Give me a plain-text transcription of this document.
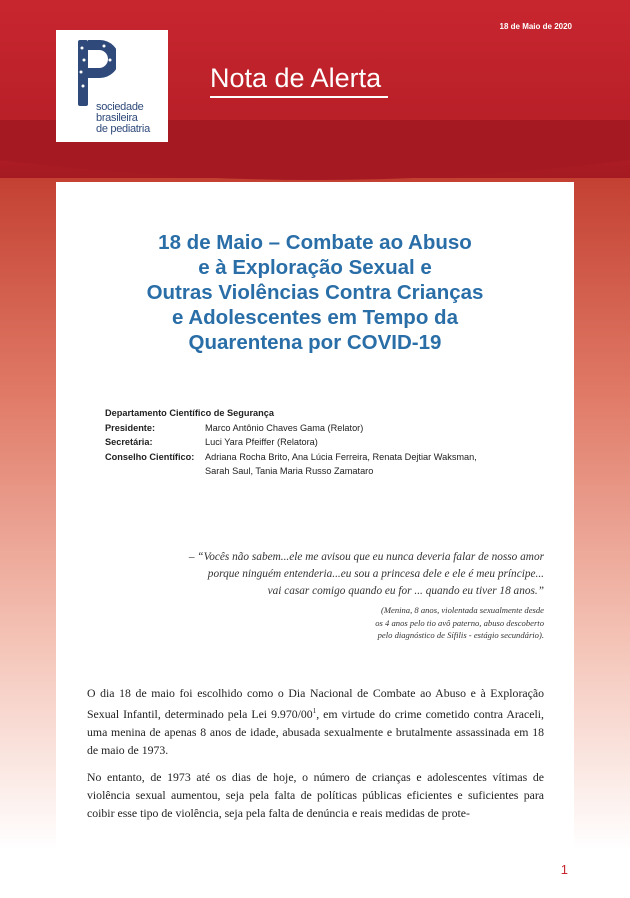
18 de Maio de 2020
sociedade
brasileira
de pediatria
Nota de Alerta
18 de Maio – Combate ao Abuso
e à Exploração Sexual e
Outras Violências Contra Crianças
e Adolescentes em Tempo da
Quarentena por COVID-19
Departamento Científico de Segurança
Presidente:	Marco Antônio Chaves Gama (Relator)
Secretária:	Luci Yara Pfeiffer (Relatora)
Conselho Científico:	Adriana Rocha Brito, Ana Lúcia Ferreira, Renata Dejtiar Waksman,
Sarah Saul, Tania Maria Russo Zamataro
– “Vocês não sabem...ele me avisou que eu nunca deveria falar de nosso amor
porque ninguém entenderia...eu sou a princesa dele e ele é meu príncipe...
vai casar comigo quando eu for ... quando eu tiver 18 anos.”
(Menina, 8 anos, violentada sexualmente desde
os 4 anos pelo tio avô paterno, abuso descoberto
pelo diagnóstico de Sífilis - estágio secundário).

O dia 18 de maio foi escolhido como o Dia Nacional de Combate ao Abuso e à Exploração Sexual Infantil, determinado pela Lei $9.970/00^1$, em virtude do crime cometido contra Araceli, uma menina de apenas 8 anos de idade, abusada sexualmente e brutalmente assassinada em 18 de maio de 1973.

No entanto, de 1973 até os dias de hoje, o número de crianças e adolescentes vítimas de violência sexual aumentou, seja pela falta de políticas públicas eficientes e suficientes para coibir esse tipo de violência, seja pela falta de denúncia e reais medidas de prote-

1
